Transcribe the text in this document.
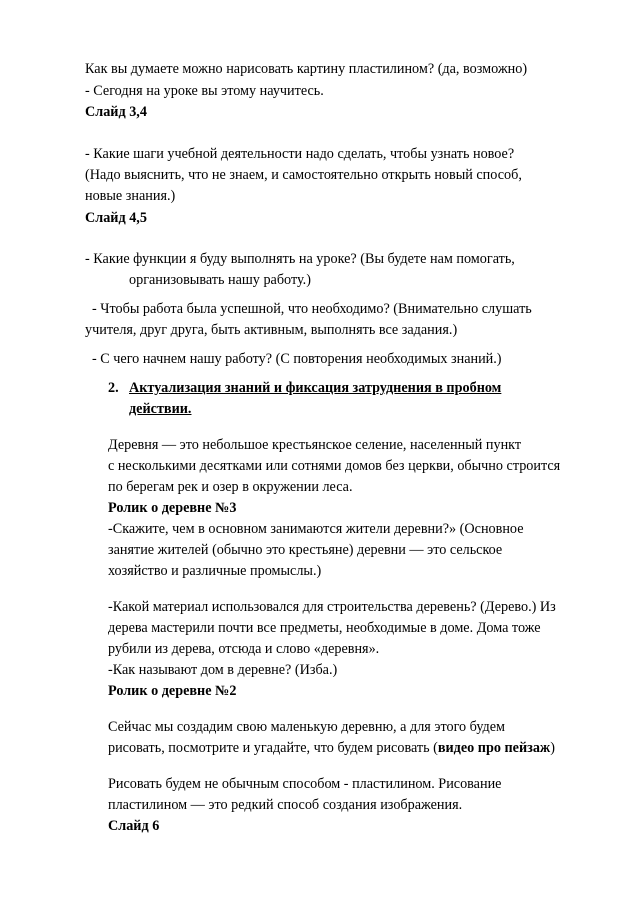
Как вы думаете можно нарисовать картину пластилином? (да, возможно)
- Сегодня на уроке вы этому научитесь.
Слайд 3,4
- Какие шаги учебной деятельности надо сделать, чтобы узнать новое?
(Надо выяснить, что не знаем, и самостоятельно открыть новый способ,
новые знания.)
Слайд 4,5
- Какие функции я буду выполнять на уроке? (Вы будете нам помогать,
организовывать нашу работу.)
- Чтобы работа была успешной, что необходимо? (Внимательно слушать
учителя, друг друга, быть активным, выполнять все задания.)
- С чего начнем нашу работу? (С повторения необходимых знаний.)
2. Актуализация знаний и фиксация затруднения в пробном
действии.
Деревня — это небольшое крестьянское селение, населенный пункт
с несколькими десятками или сотнями домов без церкви, обычно строится
по берегам рек и озер в окружении леса.
Ролик о деревне №3
-Скажите, чем в основном занимаются жители деревни?» (Основное
занятие жителей (обычно это крестьяне) деревни — это сельское
хозяйство и различные промыслы.)
-Какой материал использовался для строительства деревень? (Дерево.) Из
дерева мастерили почти все предметы, необходимые в доме. Дома тоже
рубили из дерева, отсюда и слово «деревня».
-Как называют дом в деревне? (Изба.)
Ролик о деревне №2
Сейчас мы создадим свою маленькую деревню, а для этого будем
рисовать, посмотрите и угадайте, что будем рисовать (видео про пейзаж)
Рисовать будем не обычным способом - пластилином. Рисование
пластилином — это редкий способ создания изображения.
Слайд 6
